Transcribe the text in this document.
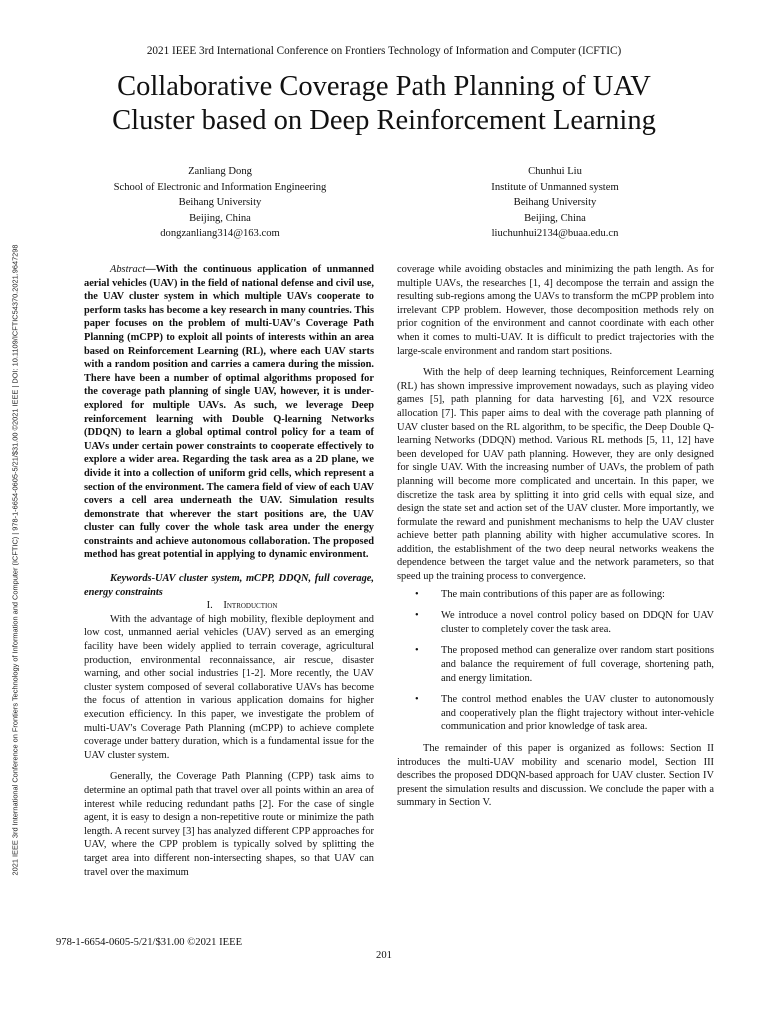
2021 IEEE 3rd International Conference on Frontiers Technology of Information and Computer (ICFTIC)
Collaborative Coverage Path Planning of UAV
Cluster based on Deep Reinforcement Learning
2021 IEEE 3rd International Conference on Frontiers Technology of Information and Computer (ICFTIC) | 978-1-6654-0605-5/21/$31.00 ©2021 IEEE | DOI: 10.1109/ICFTIC54370.2021.9647298
Zanliang Dong
School of Electronic and Information Engineering
Beihang University
Beijing, China
dongzanliang314@163.com
Chunhui Liu
Institute of Unmanned system
Beihang University
Beijing, China
liuchunhui2134@buaa.edu.cn

Abstract—With the continuous application of unmanned aerial vehicles (UAV) in the field of national defense and civil use, the UAV cluster system in which multiple UAVs cooperate to perform tasks has become a key research in many countries. This paper focuses on the problem of multi-UAV's Coverage Path Planning (mCPP) to exploit all points of interests within an area based on Reinforcement Learning (RL), where each UAV starts with a random position and carries a camera during the mission. There have been a number of optimal algorithms proposed for the coverage path planning of single UAV, however, it is under-explored for multiple UAVs. As such, we leverage Deep reinforcement learning with Double Q-learning Networks (DDQN) to learn a global optimal control policy for a team of UAVs under certain power constraints to cooperate effectively to explore a wider area. Regarding the task area as a 2D plane, we divide it into a collection of uniform grid cells, which represent a section of the environment. The camera field of view of each UAV covers a cell area underneath the UAV. Simulation results demonstrate that wherever the start positions are, the UAV cluster can fully cover the whole task area under the energy constraints and achieve autonomous collaboration. The proposed method has great potential in applying to dynamic environment.

Keywords-UAV cluster system, mCPP, DDQN, full coverage, energy constraints

I. Introduction

With the advantage of high mobility, flexible deployment and low cost, unmanned aerial vehicles (UAV) served as an emerging facility have been widely applied to terrain coverage, agricultural production, environmental reconnaissance, air rescue, disaster warning, and other social industries [1-2]. More recently, the UAV cluster system composed of several collaborative UAVs has become the focus of attention in various application domains for higher execution efficiency. In this paper, we investigate the problem of multi-UAV's Coverage Path Planning (mCPP) to achieve complete coverage under battery duration, which is a fundamental issue for the UAV cluster system.

Generally, the Coverage Path Planning (CPP) task aims to determine an optimal path that travel over all points within an area of interest while reducing redundant paths [2]. For the case of single agent, it is easy to design a non-repetitive route or minimize the path length. A recent survey [3] has analyzed different CPP approaches for UAV, where the CPP problem is typically solved by splitting the target area into different non-intersecting shapes, so that UAV can travel over the maximum

coverage while avoiding obstacles and minimizing the path length. As for multiple UAVs, the researches [1, 4] decompose the terrain and assign the resulting sub-regions among the UAVs to transform the mCPP problem into irrelevant CPP problem. However, those decomposition methods rely on prior cognition of the environment and cannot coordinate with each other when it comes to multi-UAV. It is difficult to predict trajectories with the large-scale environment and random start positions.

With the help of deep learning techniques, Reinforcement Learning (RL) has shown impressive improvement nowadays, such as playing video games [5], path planning for data harvesting [6], and V2X resource allocation [7]. This paper aims to deal with the coverage path planning of UAV cluster based on the RL algorithm, to be specific, the Deep Double Q-learning Networks (DDQN) method. Various RL methods [5, 11, 12] have been developed for UAV path planning. However, they are only designed for single UAV. With the increasing number of UAVs, the problem of path planning will become more complicated and uncertain. In this paper, we discretize the task area by splitting it into grid cells with equal size, and design the state set and action set of the UAV cluster. More importantly, we formulate the reward and punishment mechanisms to help the UAV cluster achieve better path planning ability with higher accumulative scores. In addition, the establishment of the two deep neural networks weakens the dependence between the target value and the network parameters, so that speed up the training process to convergence.

• The main contributions of this paper are as following:
• We introduce a novel control policy based on DDQN for UAV cluster to completely cover the task area.
• The proposed method can generalize over random start positions and balance the requirement of full coverage, shortening path, and energy limitation.
• The control method enables the UAV cluster to autonomously and cooperatively plan the flight trajectory without inter-vehicle communication and prior knowledge of task area.

The remainder of this paper is organized as follows: Section II introduces the multi-UAV mobility and scenario model, Section III describes the proposed DDQN-based approach for UAV cluster. Section IV present the simulation results and discussion. We conclude the paper with a summary in Section V.

978-1-6654-0605-5/21/$31.00 ©2021 IEEE
201
